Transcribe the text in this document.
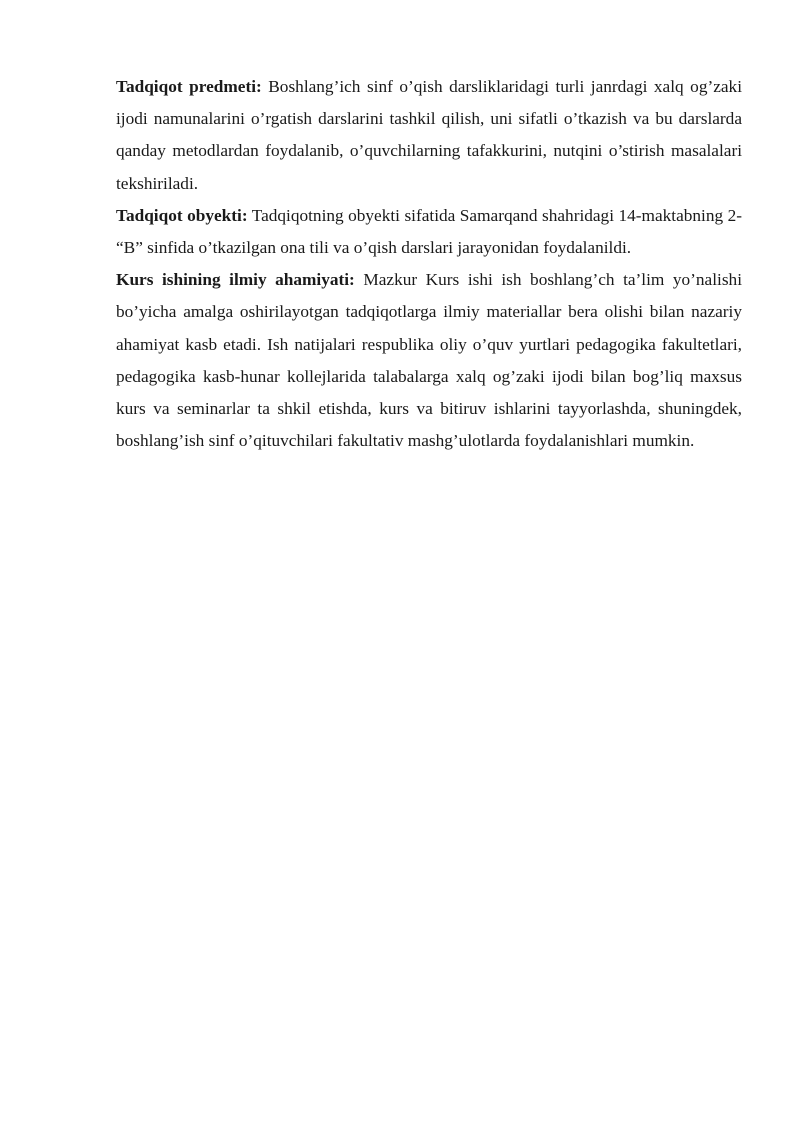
Tadqiqot predmeti: Boshlang’ich sinf o’qish darsliklaridagi turli janrdagi xalq og’zaki ijodi namunalarini o’rgatish darslarini tashkil qilish, uni sifatli o’tkazish va bu darslarda qanday metodlardan foydalanib, o’quvchilarning tafakkurini, nutqini o’stirish masalalari tekshiriladi.

Tadqiqot obyekti: Tadqiqotning obyekti sifatida Samarqand shahridagi 14-maktabning 2- “B” sinfida o’tkazilgan ona tili va o’qish darslari jarayonidan foydalanildi.

Kurs ishining ilmiy ahamiyati: Mazkur Kurs ishi ish boshlang’ch ta’lim yo’nalishi bo’yicha amalga oshirilayotgan tadqiqotlarga ilmiy materiallar bera olishi bilan nazariy ahamiyat kasb etadi. Ish natijalari respublika oliy o’quv yurtlari pedagogika fakultetlari, pedagogika kasb-hunar kollejlarida talabalarga xalq og’zaki ijodi bilan bog’liq maxsus kurs va seminarlar ta shkil etishda, kurs va bitiruv ishlarini tayyorlashda, shuningdek, boshlang’ish sinf o’qituvchilari fakultativ mashg’ulotlarda foydalanishlari mumkin.
